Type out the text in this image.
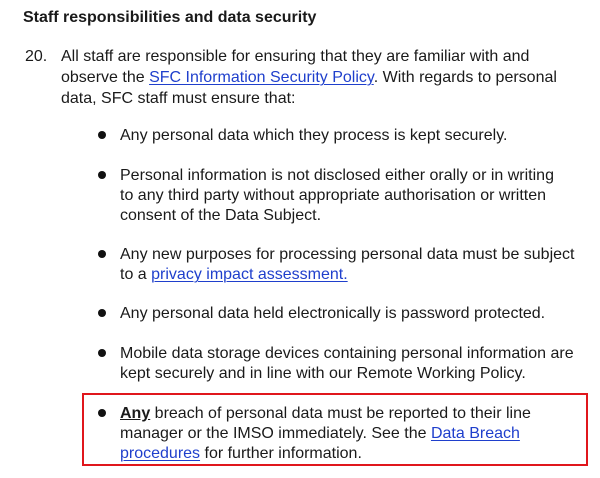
Staff responsibilities and data security
20. All staff are responsible for ensuring that they are familiar with and
observe the SFC Information Security Policy. With regards to personal
data, SFC staff must ensure that:
Any personal data which they process is kept securely.
Personal information is not disclosed either orally or in writing
to any third party without appropriate authorisation or written
consent of the Data Subject.
Any new purposes for processing personal data must be subject
to a privacy impact assessment.
Any personal data held electronically is password protected.
Mobile data storage devices containing personal information are
kept securely and in line with our Remote Working Policy.
Any breach of personal data must be reported to their line
manager or the IMSO immediately. See the Data Breach
procedures for further information.
